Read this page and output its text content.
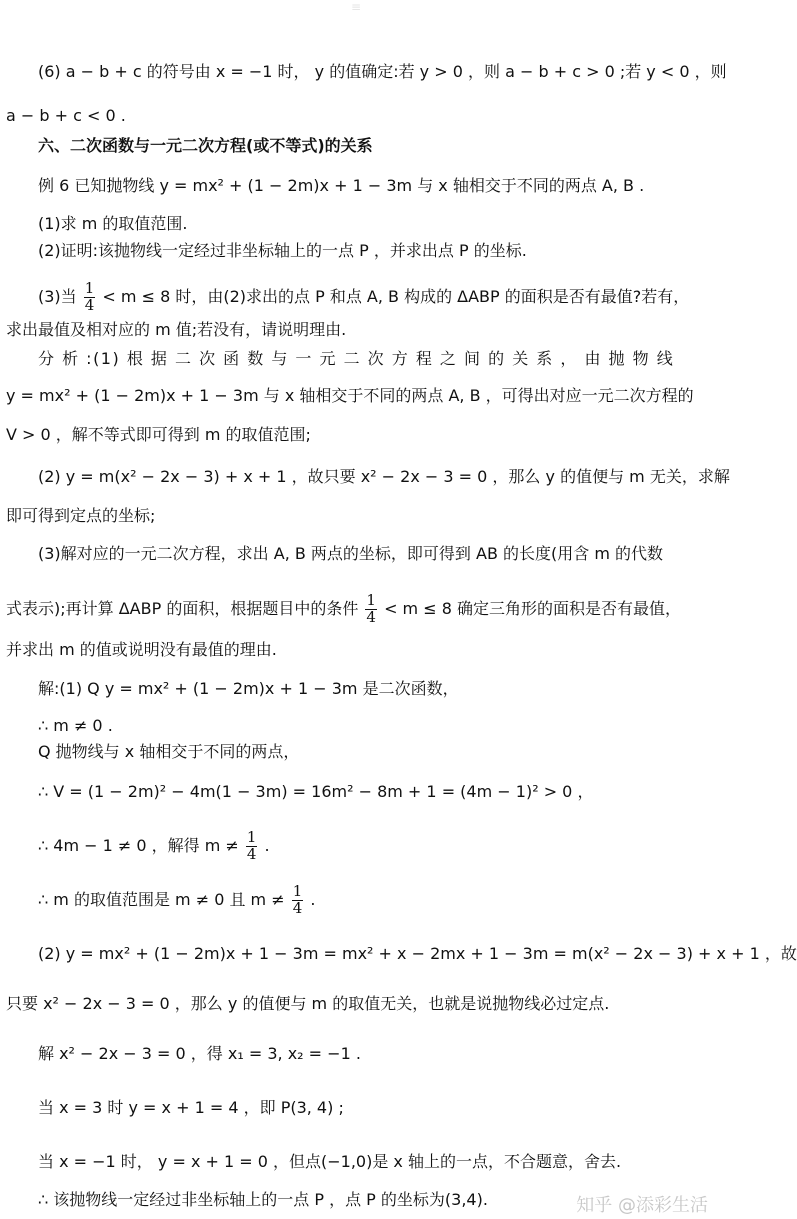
≡
(6) a − b + c 的符号由 x = −1 时， y 的值确定:若 y > 0 ，则 a − b + c > 0 ;若 y < 0 ，则
a − b + c < 0 .
六、二次函数与一元二次方程(或不等式)的关系
例 6 已知抛物线 y = mx² + (1 − 2m)x + 1 − 3m 与 x 轴相交于不同的两点 A, B .
(1)求 m 的取值范围.
(2)证明:该抛物线一定经过非坐标轴上的一点 P ，并求出点 P 的坐标.
(3)当 $\frac{1}{4} < m \le 8$ 时，由(2)求出的点 P 和点 A, B 构成的 ΔABP 的面积是否有最值?若有，
求出最值及相对应的 m 值;若没有，请说明理由.
分 析 :(1) 根 据 二 次 函 数 与 一 元 二 次 方 程 之 间 的 关 系 ， 由 抛 物 线
y = mx² + (1 − 2m)x + 1 − 3m 与 x 轴相交于不同的两点 A, B ，可得出对应一元二次方程的
V > 0 ，解不等式即可得到 m 的取值范围;
(2) y = m(x² − 2x − 3) + x + 1 ，故只要 x² − 2x − 3 = 0 ，那么 y 的值便与 m 无关，求解
即可得到定点的坐标;
(3)解对应的一元二次方程，求出 A, B 两点的坐标，即可得到 AB 的长度(用含 m 的代数
式表示);再计算 ΔABP 的面积，根据题目中的条件 $\frac{1}{4} < m \le 8$ 确定三角形的面积是否有最值，
并求出 m 的值或说明没有最值的理由.
解:(1) Q y = mx² + (1 − 2m)x + 1 − 3m 是二次函数，
∴ m ≠ 0 .
Q 抛物线与 x 轴相交于不同的两点，
∴ V = (1 − 2m)² − 4m(1 − 3m) = 16m² − 8m + 1 = (4m − 1)² > 0 ，
∴ 4m − 1 ≠ 0 ，解得 $m \ne \frac{1}{4}$ .
∴ m 的取值范围是 m ≠ 0 且 $m \ne \frac{1}{4}$ .
(2) y = mx² + (1 − 2m)x + 1 − 3m = mx² + x − 2mx + 1 − 3m = m(x² − 2x − 3) + x + 1 ，故
只要 x² − 2x − 3 = 0 ，那么 y 的值便与 m 的取值无关，也就是说抛物线必过定点.
解 x² − 2x − 3 = 0 ，得 x₁ = 3, x₂ = −1 .
当 x = 3 时 y = x + 1 = 4 ，即 P(3, 4) ;
当 x = −1 时， y = x + 1 = 0 ，但点(−1,0)是 x 轴上的一点，不合题意，舍去.
∴ 该抛物线一定经过非坐标轴上的一点 P ，点 P 的坐标为(3,4).	知乎 @添彩生活
